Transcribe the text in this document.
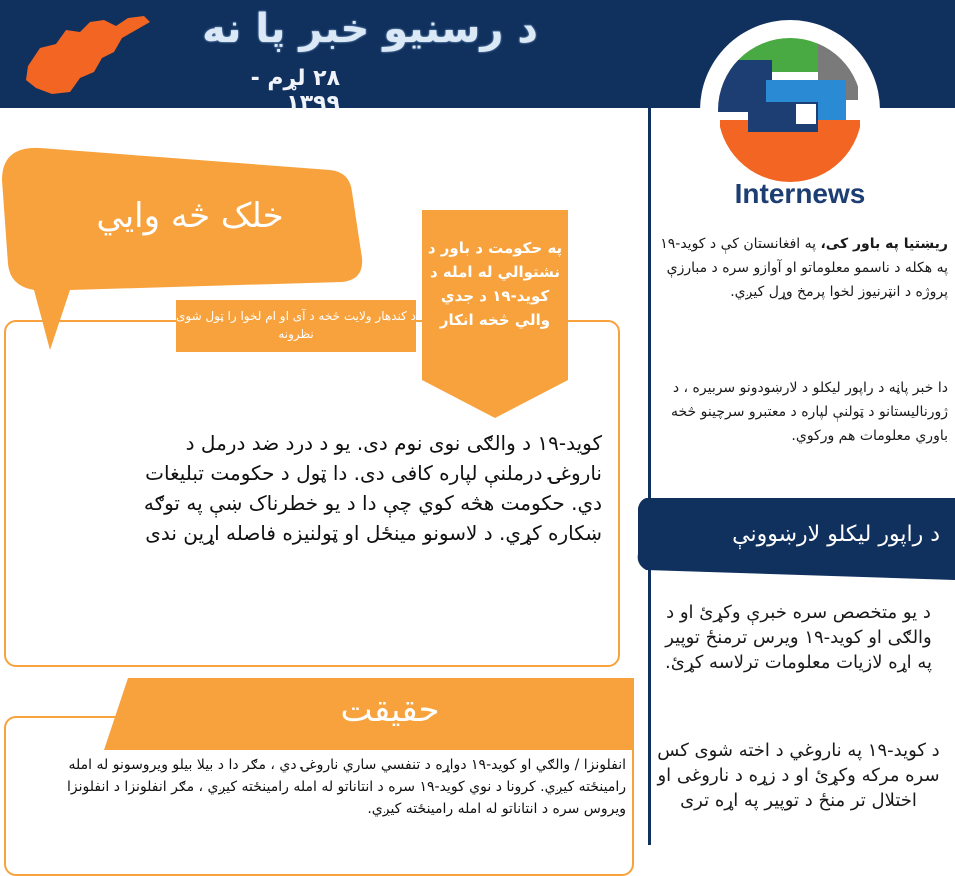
د رسنيو خبر پا نه
۲۸ لړم - ۱۳۹۹
Internews
ريښتيا په باور کی، په افغانستان کې د کوید-۱۹ په هکله د ناسمو معلوماتو او آوازو سره د مبارزې پروژه د انټرنيوز لخوا پرمخ وړل کيږي.
دا خبر پاڼه د راپور لیکلو د لارښودونو سربیره ، د ژورنالیستانو د ټولنې لپاره د معتبرو سرچینو څخه باوري معلومات هم ورکوي.
د راپور لیکلو لارښوونې
د یو متخصص سره خبرې وکړئ او د والګی او کوید-۱۹ ویرس ترمنځ توپیر په اړه لازيات معلومات ترلاسه کړئ.
د کوید-۱۹ په ناروغي د اخته شوی کس سره مرکه وکړئ او د زړه د ناروغی او اختلال تر منځ د توپیر په اړه تری
خلک څه وايي
د کندهار ولایت څخه د آی او ام لخوا را ټول شوی نظرونه
په حکومت د باور د نشتوالي له امله د کوید-۱۹ د جدي والي څخه انکار
کوید-۱۹ د والګی نوی نوم دی. یو د درد ضد درمل د ناروغۍ درملنې لپاره کافی دی. دا ټول د حکومت تبلیغات دي. حکومت هڅه کوي چې دا د یو خطرناک ښې په توګه ښکاره کړي. د لاسونو مینځل او ټولنیزه فاصله اړین ندی
حقيقت
انفلونزا / والګي او کوید-۱۹ دواړه د تنفسي ساري ناروغۍ دي ، مګر دا د بیلا بیلو ویروسونو له امله رامینځته کیږي. کرونا د نوي کوید-۱۹ سره د انتاناتو له امله رامینځته کیږي ، مګر انفلونزا د انفلونزا ویروس سره د انتاناتو له امله رامینځته کیږي.
